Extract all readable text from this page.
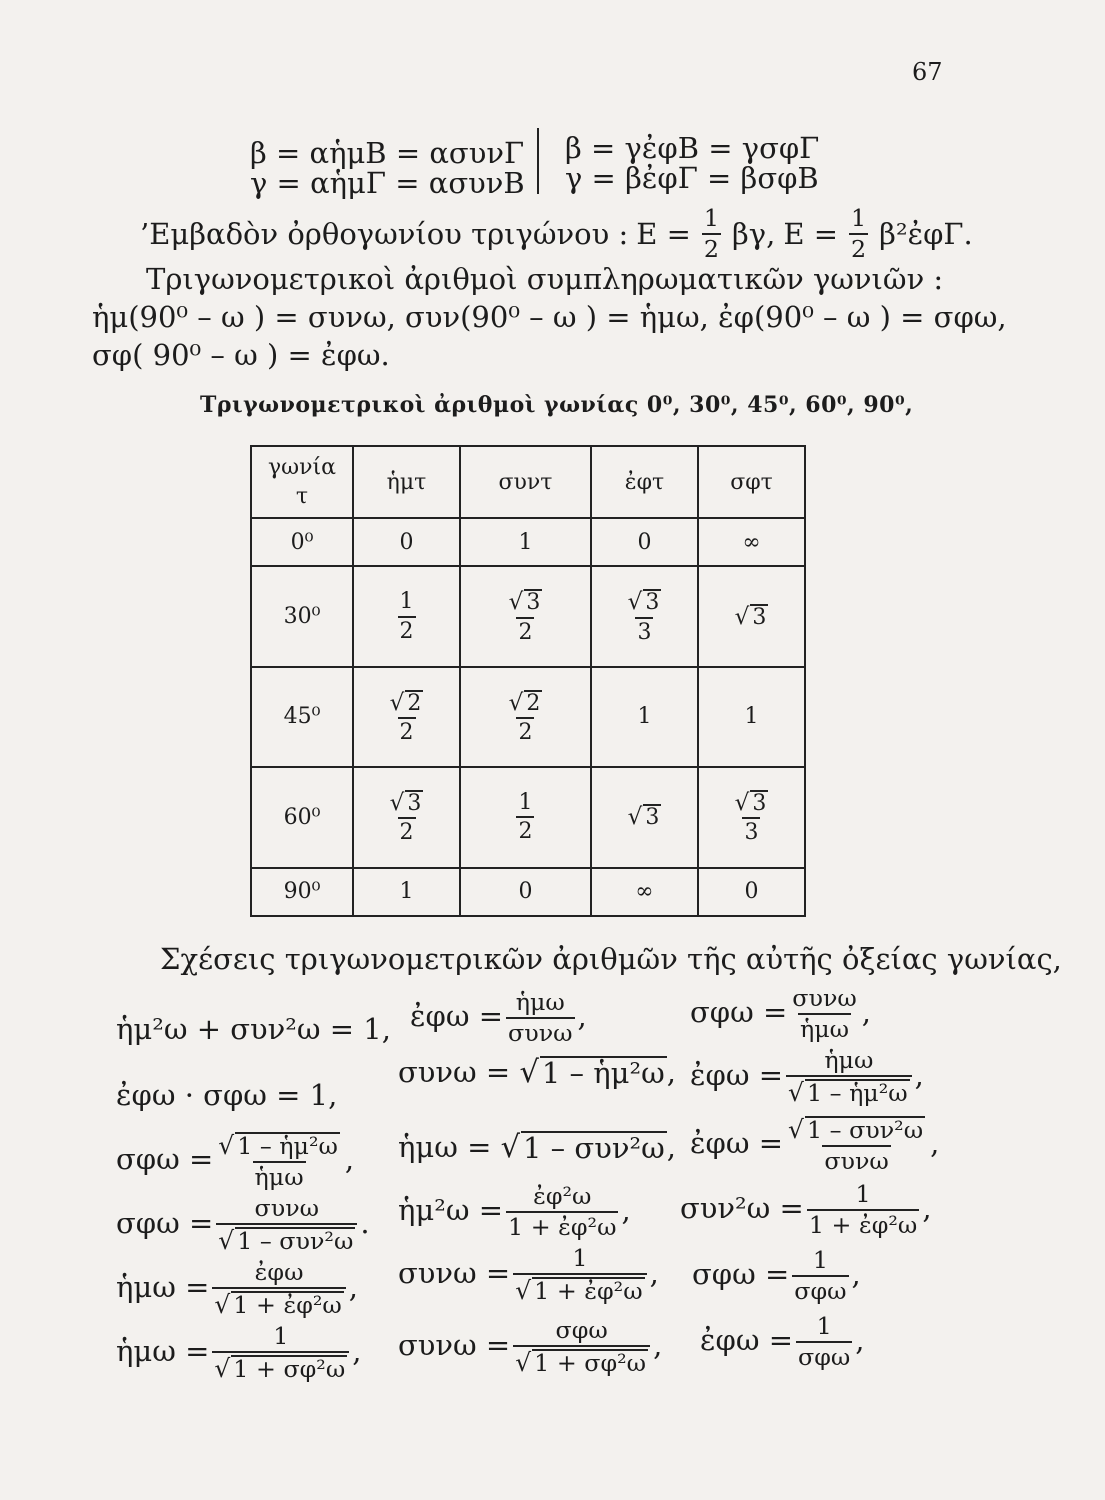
67
β = αἡμΒ = ασυνΓ
γ = αἡμΓ = ασυνΒ
β = γἐφΒ = γσφΓ
γ = βἐφΓ = βσφΒ
’Εμβαδὸν ὀρθογωνίου τριγώνου : $E = \frac{1}{2} \beta\gamma$, $E = \frac{1}{2}$ β²ἐφΓ.
Τριγωνομετρικοὶ ἀριθμοὶ συμπληρωματικῶν γωνιῶν :
ἡμ(90⁰ – ω ) = συνω, συν(90⁰ – ω ) = ἡμω, ἐφ(90⁰ – ω ) = σφω,
σφ( 90⁰ – ω ) = ἐφω.
Τριγωνομετρικοὶ ἀριθμοὶ γωνίας 0⁰, 30⁰, 45⁰, 60⁰, 90⁰,
γωνία
τ	ἡμτ	συντ	ἐφτ	σφτ
0⁰	0	1	0	∞
30⁰	$\frac{1}{2}$	$\frac{√ 3}{2}$	$\frac{√ 3}{3}$	√ 3

45⁰	$\frac{√ 2}{2}$	$\frac{√ 2}{2}$	1	1
60⁰	$\frac{√ 3}{2}$	$\frac{1}{2}$	√ 3	$\frac{√ 3}{3}$

90⁰	1	0	∞	0
Σχέσεις τριγωνομετρικῶν ἀριθμῶν τῆς αὐτῆς ὀξείας γωνίας,
ἡμ²ω + συν²ω = 1, ἐφω = $\frac{\text{ἡμω}}{\text{συνω}}$ ,	$\sigma\varphi\omega = \frac{\text{συνω}}{\text{ἡμω}}$ ,
ἐφω · σφω = 1,
συνω = √ 1 – ἡμ²ω , ἐφω = $\frac{\text{ἡμω}}{\text{√ 1 – ἡμ²ω}}$ ,
$\sigma\varphi\omega = \frac{\text{√ 1 – ἡμ²ω}}{\text{ἡμω}}$ , ἡμω = √ 1 – συν²ω , ἐφω = $\frac{\text{√ 1 – συν²ω}}{\text{συνω}}$ ,
$\sigma\varphi\omega = \frac{\text{συνω}}{\text{√ 1 – συν²ω}}$ . ἡμ²ω = $\frac{\text{ἐφ²ω}}{\text{1 + ἐφ²ω}}$ , $\sigma\upsilon\nu^2\omega = \frac{1}{\text{1 + ἐφ²ω}}$ ,
ἡμω = $\frac{\text{ἐφω}}{\text{√ 1 + ἐφ²ω}}$ , $\sigma\upsilon\nu\omega = \frac{1}{\text{√ 1 + ἐφ²ω}}$ , $\sigma\varphi\omega = \frac{1}{\text{σφω}}$ ,
ἡμω = $\frac{1}{\text{√ 1 + σφ²ω}}$ , $\sigma\upsilon\nu\omega = \frac{\text{σφω}}{\text{√ 1 + σφ²ω}}$ , ἐφω = $\frac{1}{\text{σφω}}$ ,
